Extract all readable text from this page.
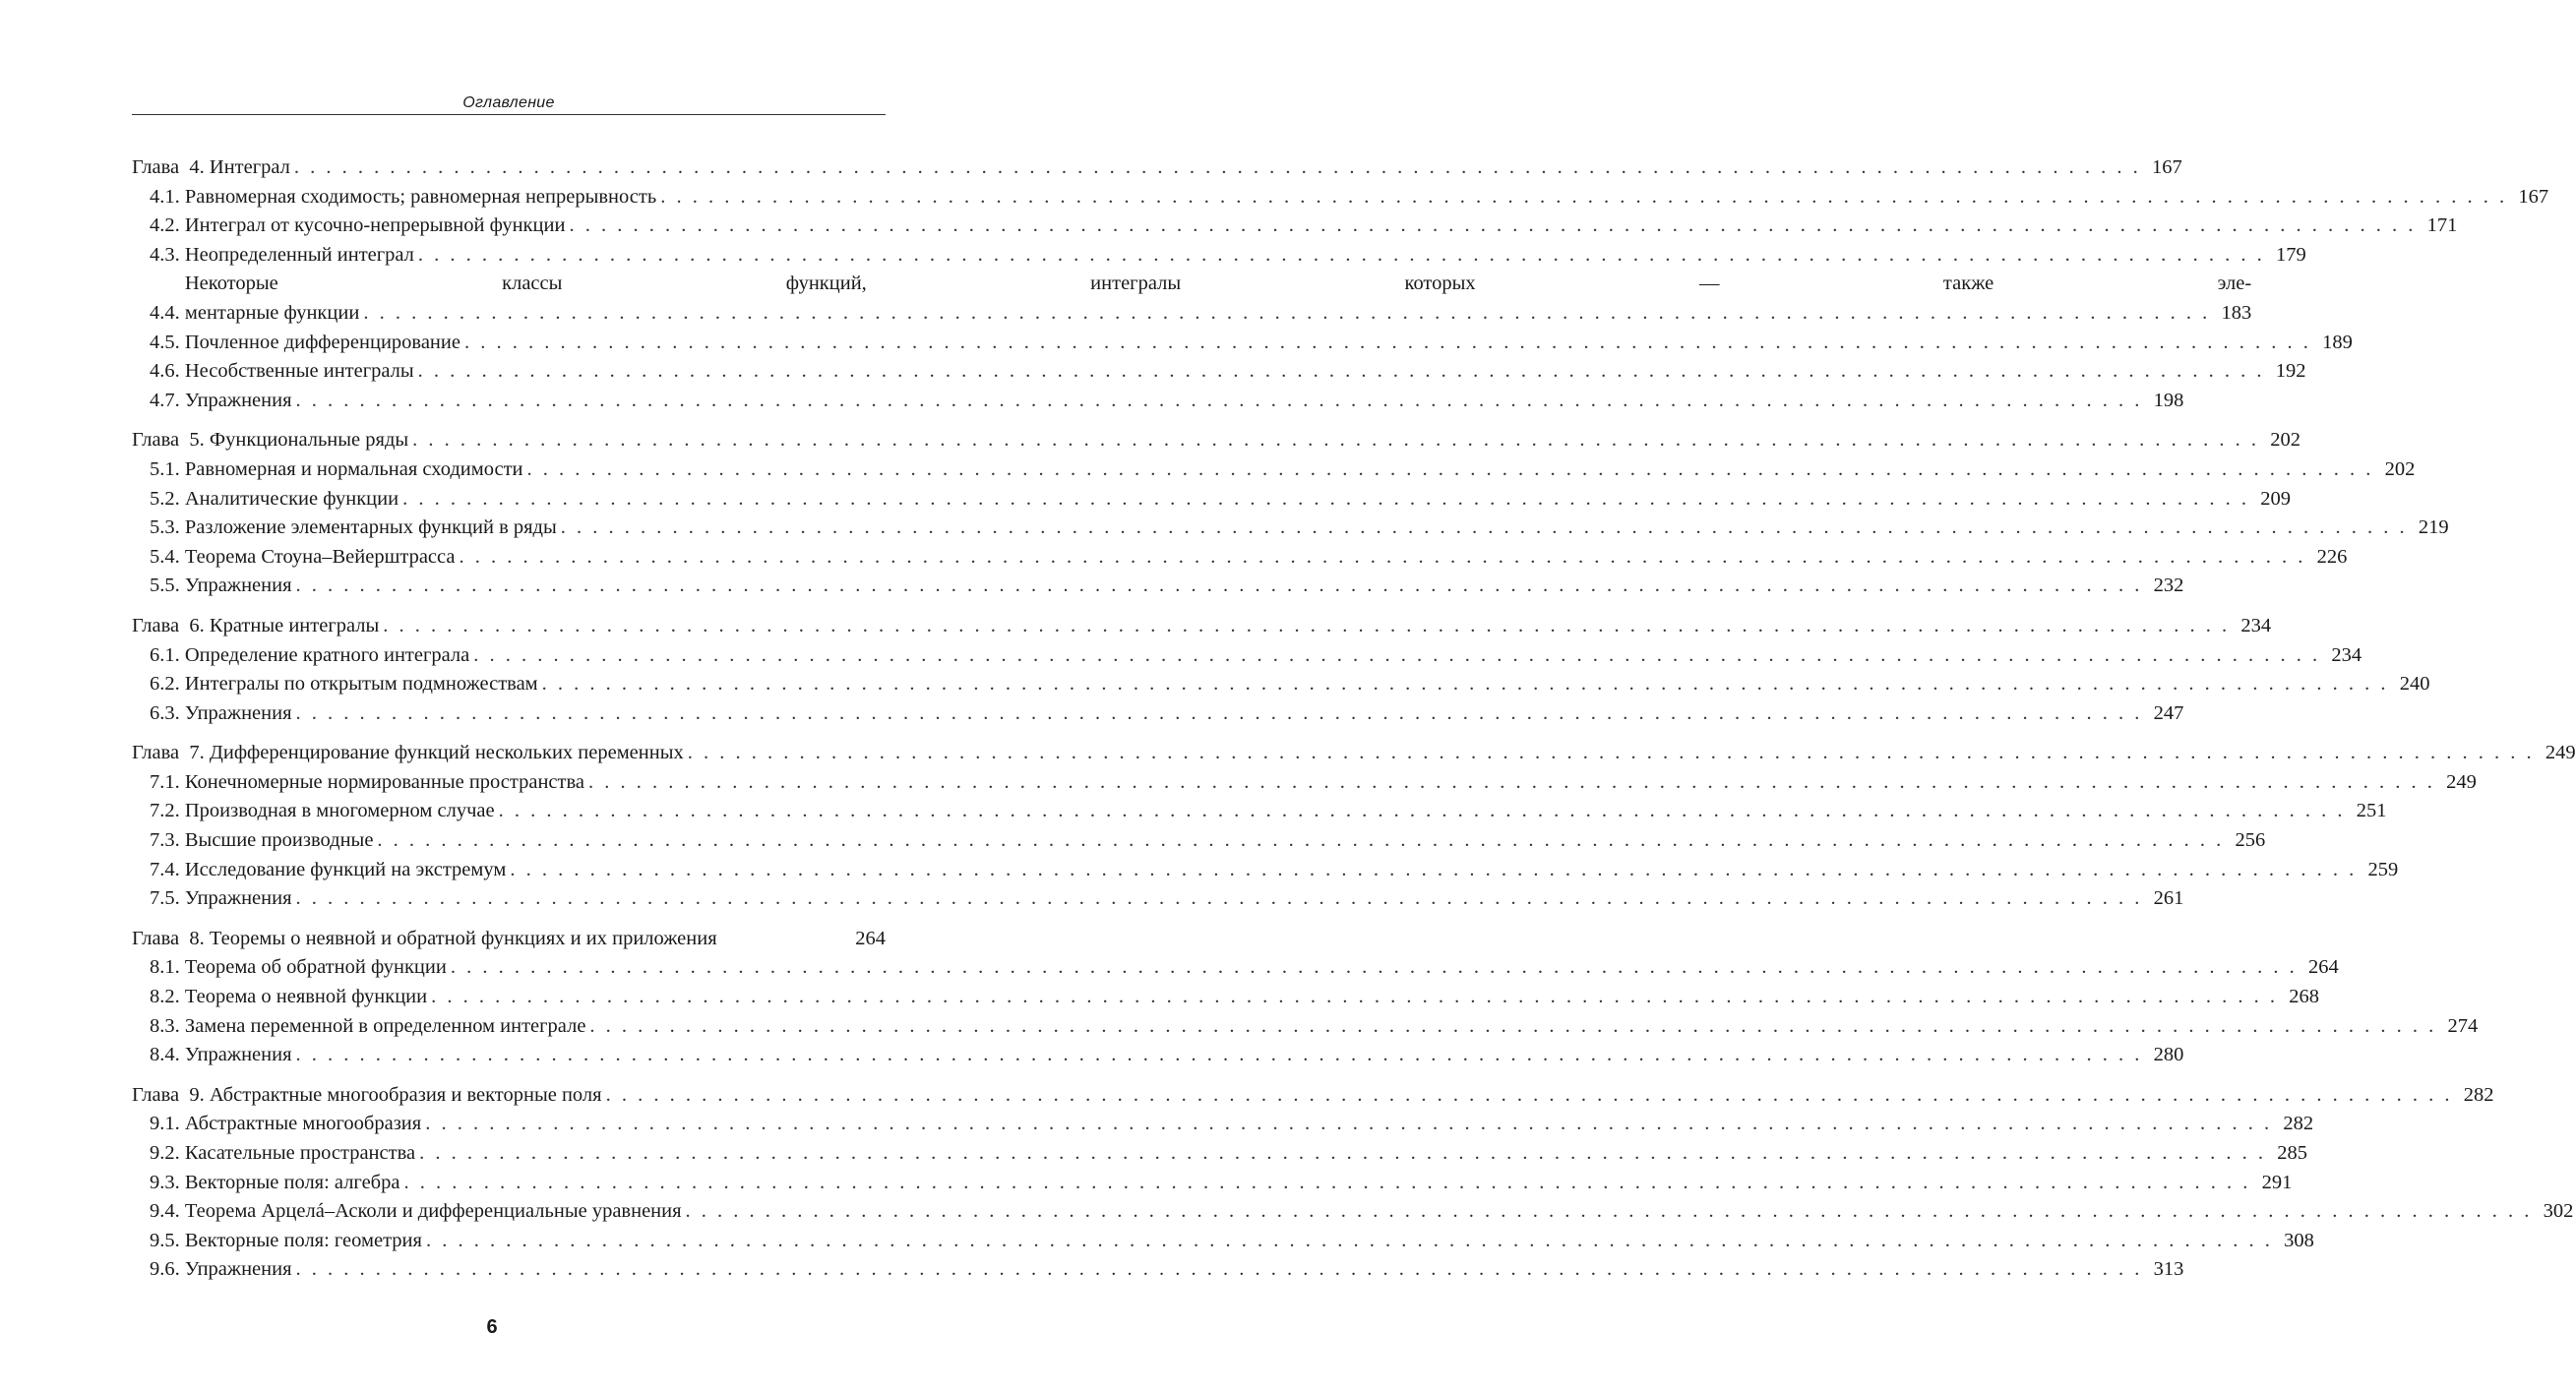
Оглавление
Глава  4. Интеграл . . .	167
4.1. Равномерная сходимость; равномерная непрерывность . . .	167
4.2. Интеграл от кусочно-непрерывной функции . . .	171
4.3. Неопределенный интеграл . . .	179
4.4.
Некоторые классы функций, интегралы которых — также эле-
ментарные функции . . .	183
4.5. Почленное дифференцирование . . .	189
4.6. Несобственные интегралы . . .	192
4.7. Упражнения . . .	198
Глава  5. Функциональные ряды . . .	202
5.1. Равномерная и нормальная сходимости . . .	202
5.2. Аналитические функции . . .	209
5.3. Разложение элементарных функций в ряды . . .	219
5.4. Теорема Стоуна–Вейерштрасса . . .	226
5.5. Упражнения . . .	232
Глава  6. Кратные интегралы . . .	234
6.1. Определение кратного интеграла . . .	234
6.2. Интегралы по открытым подмножествам . . .	240
6.3. Упражнения . . .	247
Глава  7. Дифференцирование функций нескольких переменных . . .	249
7.1. Конечномерные нормированные пространства . . .	249
7.2. Производная в многомерном случае . . .	251
7.3. Высшие производные . . .	256
7.4. Исследование функций на экстремум . . .	259
7.5. Упражнения . . .	261
Глава  8. Теоремы о неявной и обратной функциях и их приложения	264
8.1. Теорема об обратной функции . . .	264
8.2. Теорема о неявной функции . . .	268
8.3. Замена переменной в определенном интеграле . . .	274
8.4. Упражнения . . .	280
Глава  9. Абстрактные многообразия и векторные поля . . .	282
9.1. Абстрактные многообразия . . .	282
9.2. Касательные пространства . . .	285
9.3. Векторные поля: алгебра . . .	291
9.4. Теорема Арцелá–Асколи и дифференциальные уравнения . . .	302
9.5. Векторные поля: геометрия . . .	308
9.6. Упражнения . . .	313
6
